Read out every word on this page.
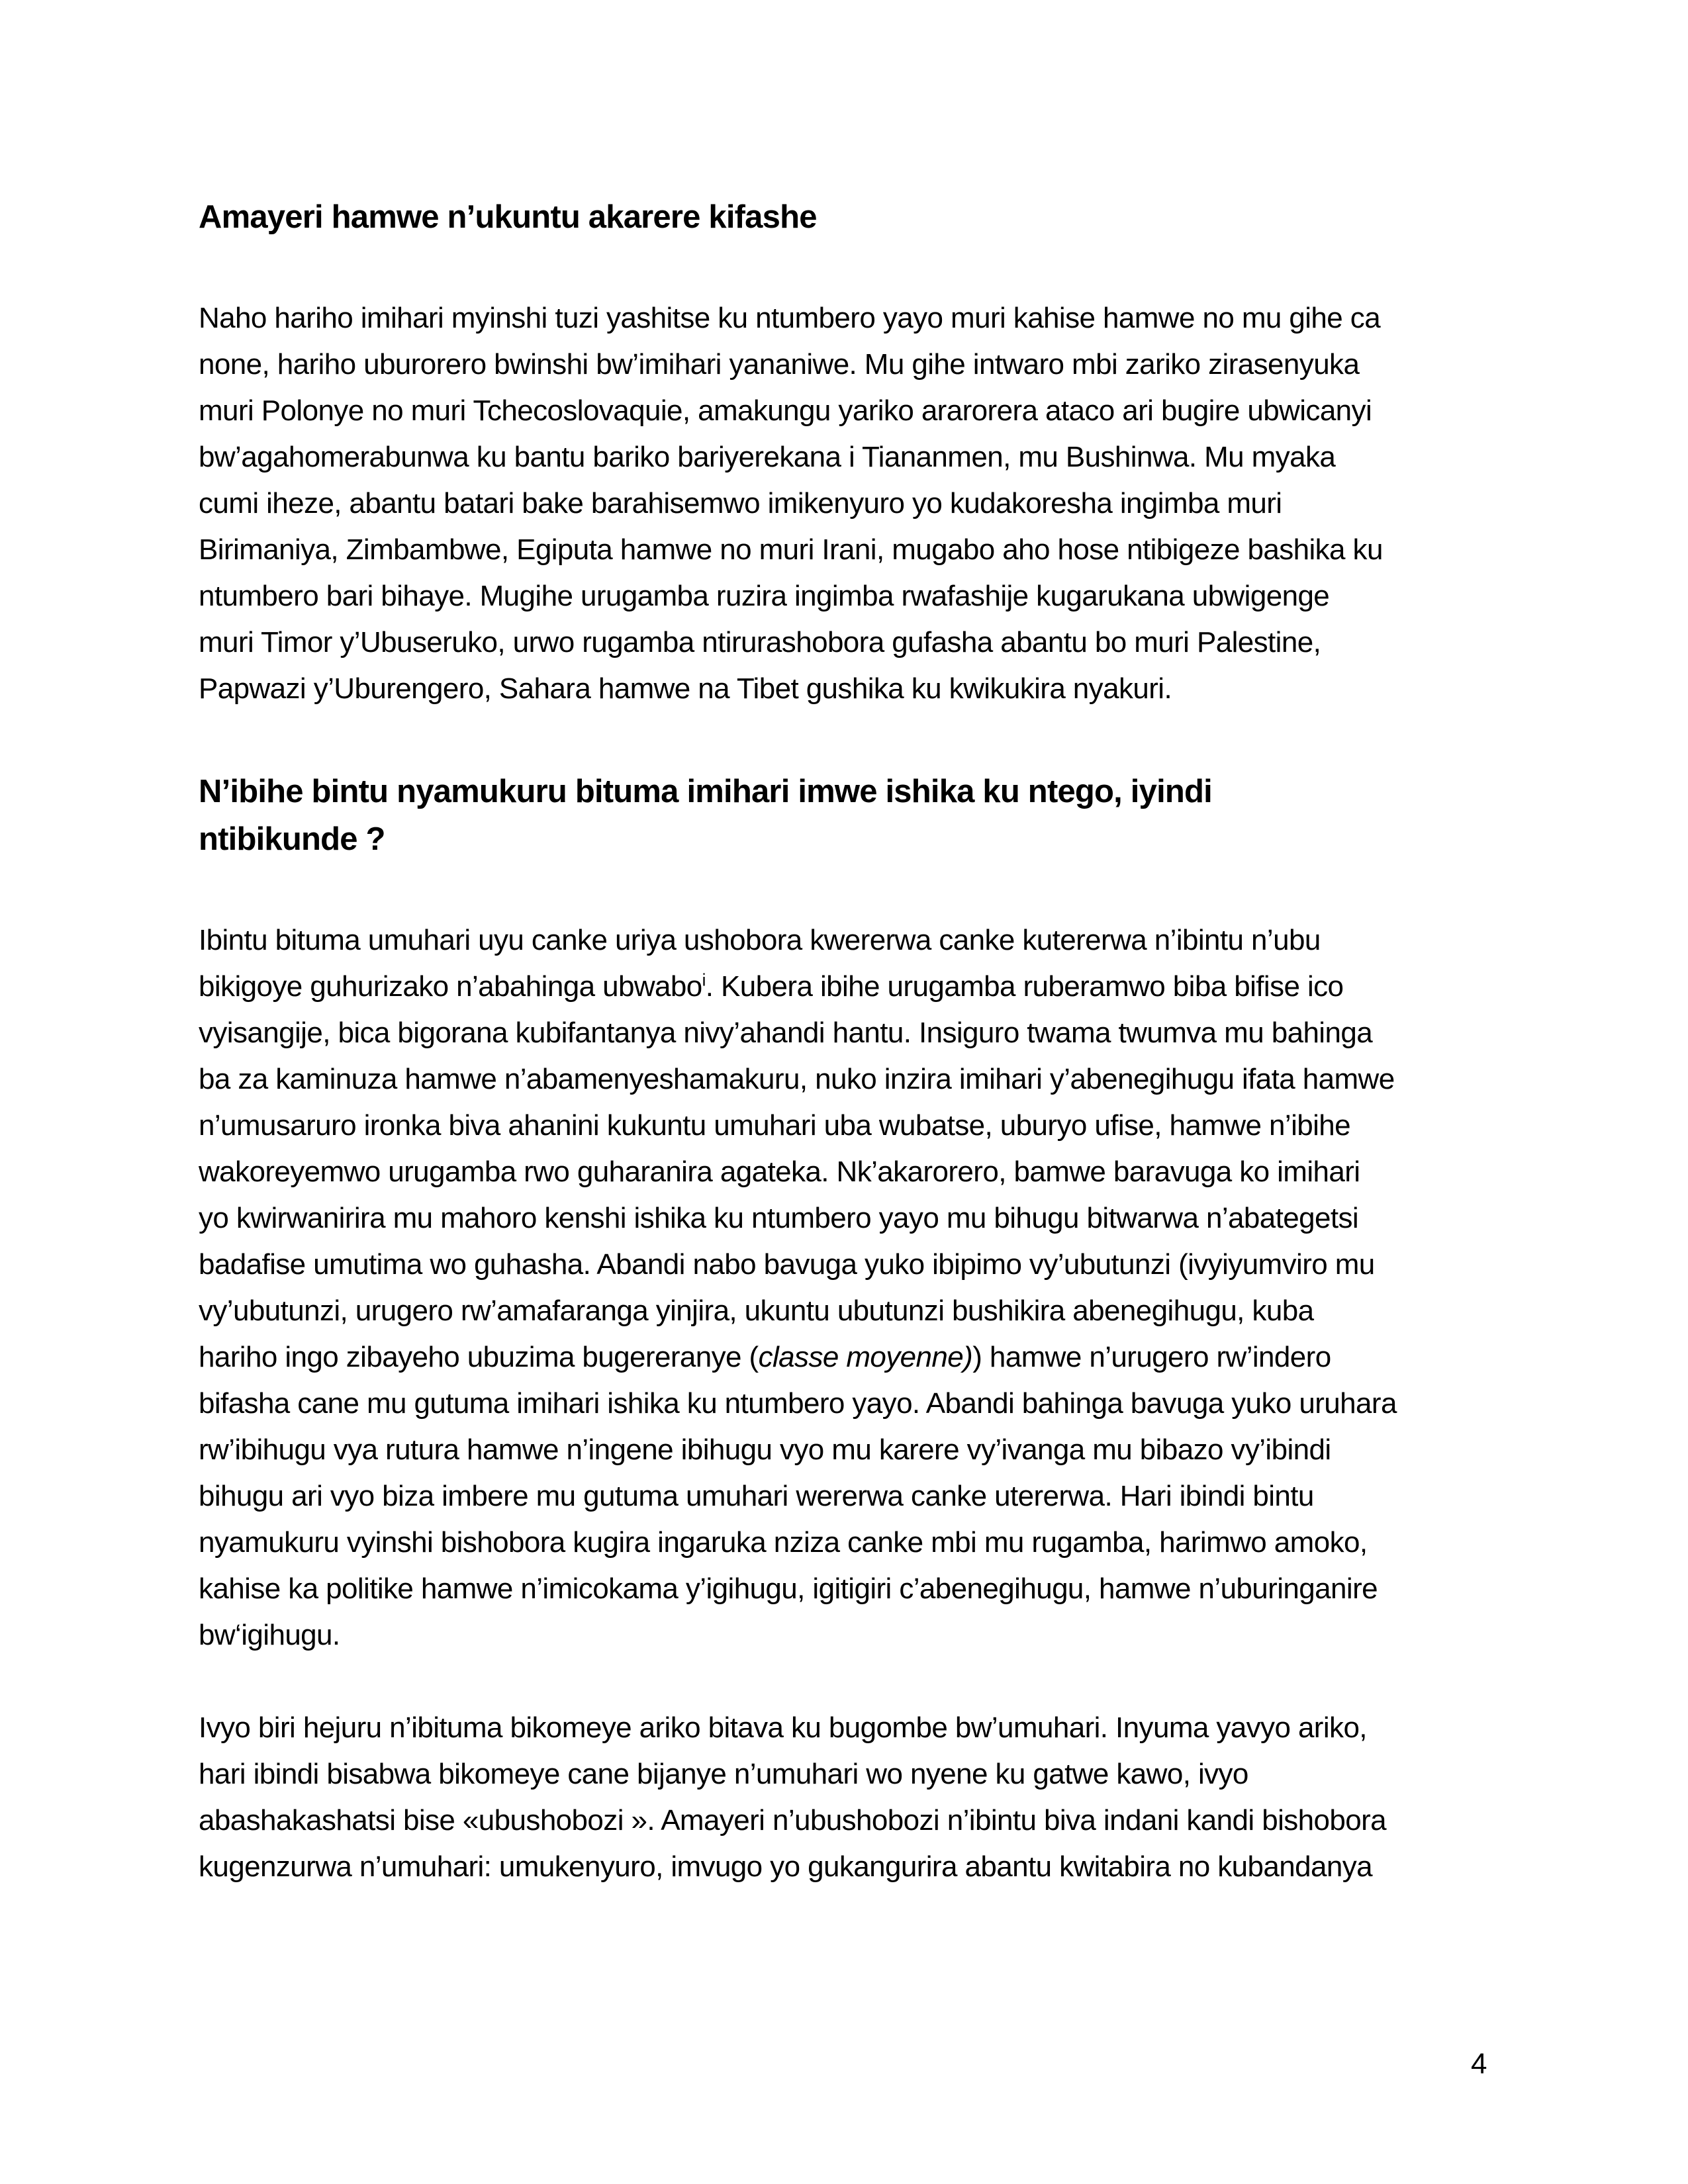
Amayeri hamwe n’ukuntu akarere kifashe
Naho hariho imihari myinshi tuzi yashitse ku ntumbero yayo muri kahise hamwe no mu gihe ca
none, hariho uburorero bwinshi bw’imihari yananiwe. Mu gihe intwaro mbi zariko zirasenyuka
muri Polonye no muri Tchecoslovaquie, amakungu yariko ararorera ataco ari bugire ubwicanyi
bw’agahomerabunwa ku bantu bariko bariyerekana i Tiananmen, mu Bushinwa. Mu myaka
cumi iheze, abantu batari bake barahisemwo imikenyuro yo kudakoresha ingimba muri
Birimaniya, Zimbambwe, Egiputa hamwe no muri Irani, mugabo aho hose ntibigeze bashika ku
ntumbero bari bihaye. Mugihe urugamba ruzira ingimba rwafashije kugarukana ubwigenge
muri Timor y’Ubuseruko, urwo rugamba ntirurashobora gufasha abantu bo muri Palestine,
Papwazi y’Uburengero, Sahara hamwe na Tibet gushika ku kwikukira nyakuri.
N’ibihe bintu nyamukuru bituma imihari imwe ishika ku ntego, iyindi
ntibikunde ?
Ibintu bituma umuhari uyu canke uriya ushobora kwererwa canke kutererwa n’ibintu n’ubu
bikigoye guhurizako n’abahinga ubwabo$^i$. Kubera ibihe urugamba ruberamwo biba bifise ico
vyisangije, bica bigorana kubifantanya nivy’ahandi hantu. Insiguro twama twumva mu bahinga
ba za kaminuza hamwe n’abamenyeshamakuru, nuko inzira imihari y’abenegihugu ifata hamwe
n’umusaruro ironka biva ahanini kukuntu umuhari uba wubatse, uburyo ufise, hamwe n’ibihe
wakoreyemwo urugamba rwo guharanira agateka. Nk’akarorero, bamwe baravuga ko imihari
yo kwirwanirira mu mahoro kenshi ishika ku ntumbero yayo mu bihugu bitwarwa n’abategetsi
badafise umutima wo guhasha. Abandi nabo bavuga yuko ibipimo vy’ubutunzi (ivyiyumviro mu
vy’ubutunzi, urugero rw’amafaranga yinjira, ukuntu ubutunzi bushikira abenegihugu, kuba
hariho ingo zibayeho ubuzima bugereranye (classe moyenne)) hamwe n’urugero rw’indero
bifasha cane mu gutuma imihari ishika ku ntumbero yayo. Abandi bahinga bavuga yuko uruhara
rw’ibihugu vya rutura hamwe n’ingene ibihugu vyo mu karere vy’ivanga mu bibazo vy’ibindi
bihugu ari vyo biza imbere mu gutuma umuhari wererwa canke utererwa. Hari ibindi bintu
nyamukuru vyinshi bishobora kugira ingaruka nziza canke mbi mu rugamba, harimwo amoko,
kahise ka politike hamwe n’imicokama y’igihugu, igitigiri c’abenegihugu, hamwe n’uburinganire
bw‘igihugu.
Ivyo biri hejuru n’ibituma bikomeye ariko bitava ku bugombe bw’umuhari. Inyuma yavyo ariko,
hari ibindi bisabwa bikomeye cane bijanye n’umuhari wo nyene ku gatwe kawo, ivyo
abashakashatsi bise «ubushobozi ». Amayeri n’ubushobozi n’ibintu biva indani kandi bishobora
kugenzurwa n’umuhari: umukenyuro, imvugo yo gukangurira abantu kwitabira no kubandanya
4
